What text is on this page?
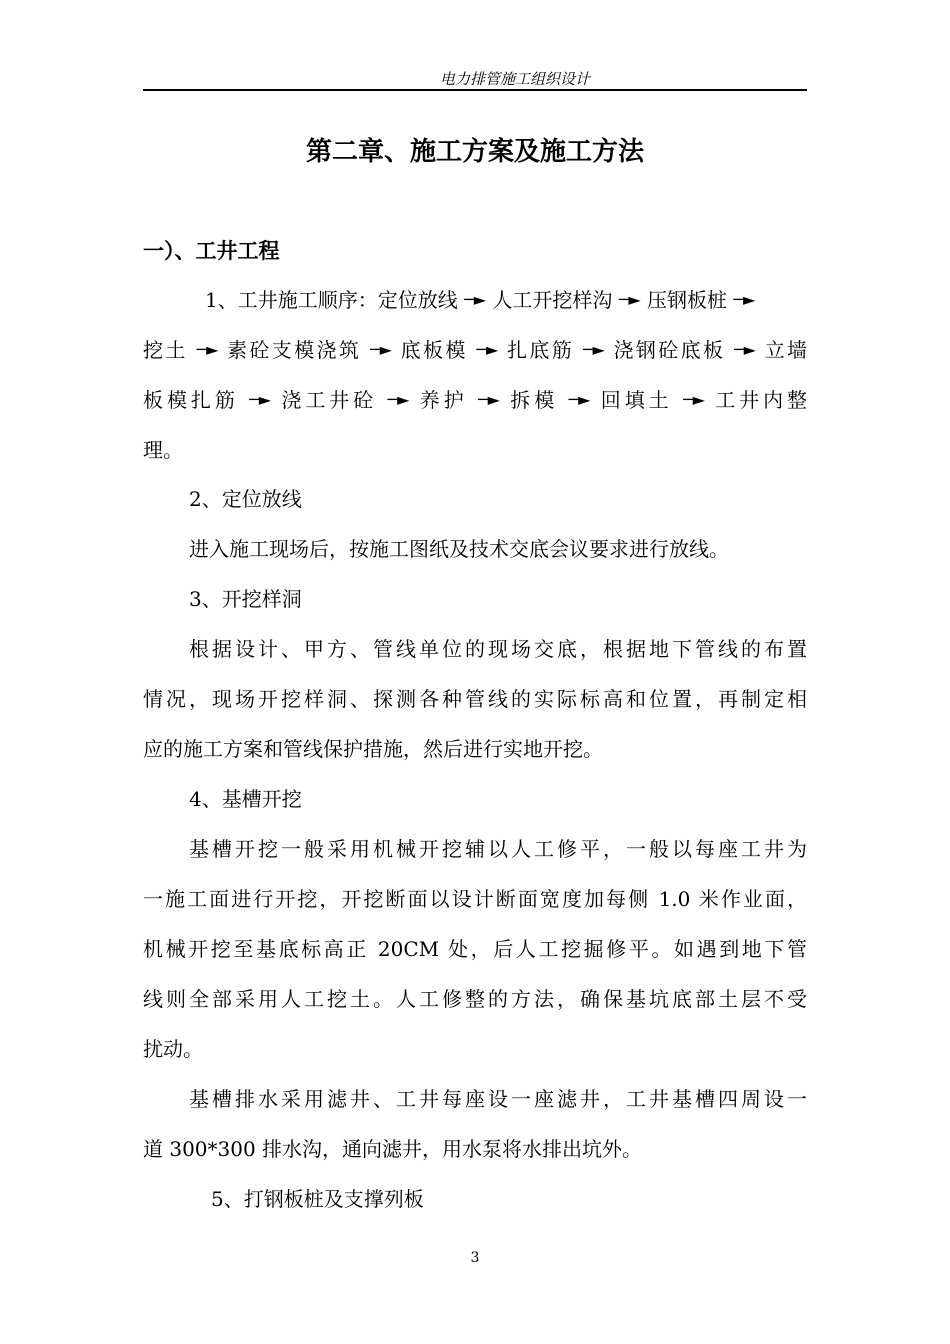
电力排管施工组织设计
第二章、施工方案及施工方法
一）、工井工程
1、工井施工顺序：定位放线 ─► 人工开挖样沟 ─► 压钢板桩 ─►
挖土 ─► 素砼支模浇筑 ─► 底板模 ─► 扎底筋 ─► 浇钢砼底板 ─► 立墙
板模扎筋 ─► 浇工井砼 ─► 养护 ─► 拆模 ─► 回填土 ─► 工井内整
理。
2、定位放线
进入施工现场后，按施工图纸及技术交底会议要求进行放线。
3、开挖样洞
根据设计、甲方、管线单位的现场交底，根据地下管线的布置
情况，现场开挖样洞、探测各种管线的实际标高和位置，再制定相
应的施工方案和管线保护措施，然后进行实地开挖。
4、基槽开挖
基槽开挖一般采用机械开挖辅以人工修平，一般以每座工井为
一施工面进行开挖，开挖断面以设计断面宽度加每侧 1.0 米作业面，
机械开挖至基底标高正 20CM 处，后人工挖掘修平。如遇到地下管
线则全部采用人工挖土。人工修整的方法，确保基坑底部土层不受
扰动。
基槽排水采用滤井、工井每座设一座滤井，工井基槽四周设一
道 300*300 排水沟，通向滤井，用水泵将水排出坑外。
5、打钢板桩及支撑列板
3
